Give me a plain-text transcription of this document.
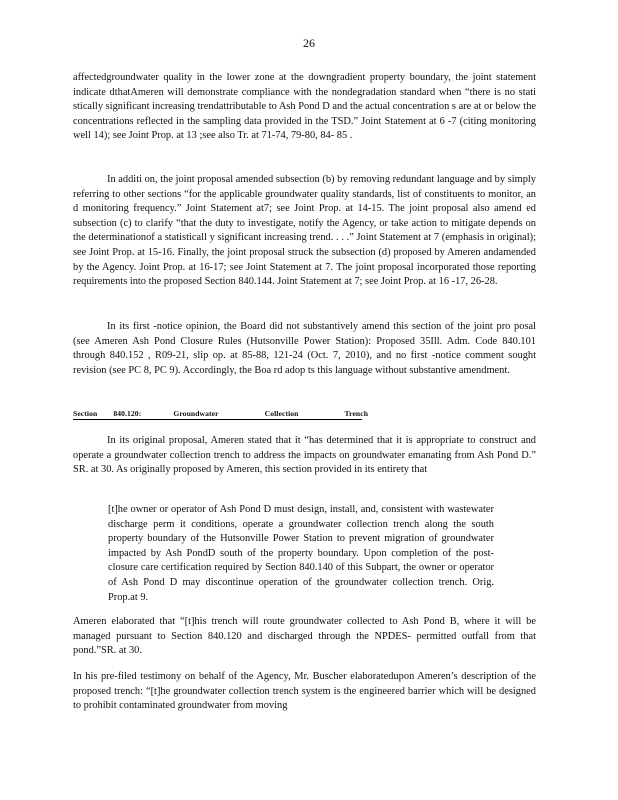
26

affectedgroundwater quality in the lower zone at the downgradient property boundary, the joint statement indicate dthatAmeren will demonstrate compliance with the nondegradation standard when “there is no stati stically significant increasing trendattributable to Ash Pond D and the actual concentration s are at or below the concentrations reflected in the sampling data provided in the TSD.” Joint Statement at 6 -7 (citing monitoring well 14); see Joint Prop. at 13 ;see also Tr. at 71-74, 79-80, 84- 85 .

In additi on, the joint proposal amended subsection (b) by removing redundant language and by simply referring to other sections “for the applicable groundwater quality standards, list of constituents to monitor, an d monitoring frequency.” Joint Statement at7; see Joint Prop. at 14-15. The joint proposal also amend ed subsection (c) to clarify “that the duty to investigate, notify the Agency, or take action to mitigate depends on the determinationof a statisticall y significant increasing trend. . . .” Joint Statement at 7 (emphasis in original); see Joint Prop. at 15-16. Finally, the joint proposal struck the subsection (d) proposed by Ameren andamended by the Agency. Joint Prop. at 16-17; see Joint Statement at 7. The joint proposal incorporated those reporting requirements into the proposed Section 840.144. Joint Statement at 7; see Joint Prop. at 16 -17, 26-28.

In its first -notice opinion, the Board did not substantively amend this section of the joint pro posal (see Ameren Ash Pond Closure Rules (Hutsonville Power Station): Proposed 35Ill. Adm. Code 840.101 through 840.152 , R09-21, slip op. at 85-88, 121-24 (Oct. 7, 2010), and no first -notice comment sought revision (see PC 8, PC 9). Accordingly, the Boa rd adop ts this language without substantive amendment.

Section 840.120:	Groundwater	Collection	Trench

In its original proposal, Ameren stated that it “has determined that it is appropriate to construct and operate a groundwater collection trench to address the impacts on groundwater emanating from Ash Pond D.” SR. at 30. As originally proposed by Ameren, this section provided in its entirety that

[t]he owner or operator of Ash Pond D must design, install, and, consistent with wastewater discharge perm it conditions, operate a groundwater collection trench along the south property boundary of the Hutsonville Power Station to prevent migration of groundwater impacted by Ash PondD south of the property boundary. Upon completion of the post- closure care certification required by Section 840.140 of this Subpart, the owner or operator of Ash Pond D may discontinue operation of the groundwater collection trench. Orig. Prop.at 9.

Ameren elaborated that “[t]his trench will route groundwater collected to Ash Pond B, where it will be managed pursuant to Section 840.120 and discharged through the NPDES- permitted outfall from that pond.”SR. at 30.

In his pre-filed testimony on behalf of the Agency, Mr. Buscher elaboratedupon Ameren’s description of the proposed trench: “[t]he groundwater collection trench system is the engineered barrier which will be designed to prohibit contaminated groundwater from moving
